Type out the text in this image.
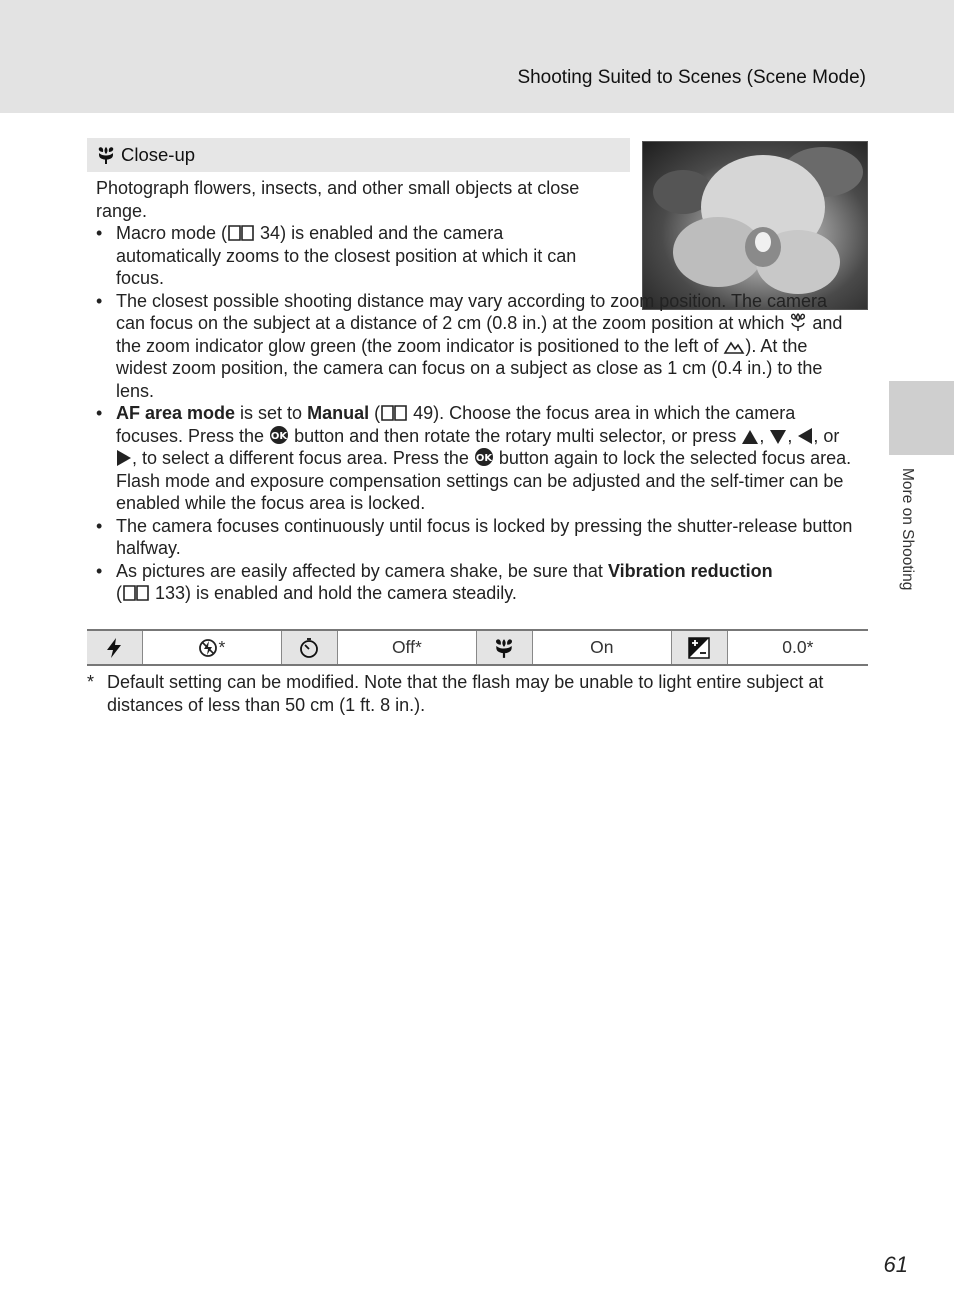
Shooting Suited to Scenes (Scene Mode)
Close-up

Photograph flowers, insects, and other small objects at close range.

• Macro mode ( 34) is enabled and the camera automatically zooms to the closest position at which it can focus.
• The closest possible shooting distance may vary according to zoom position. The camera can focus on the subject at a distance of 2 cm (0.8 in.) at the zoom position at which  and the zoom indicator glow green (the zoom indicator is positioned to the left of ). At the widest zoom position, the camera can focus on a subject as close as 1 cm (0.4 in.) to the lens.
• AF area mode is set to Manual ( 49). Choose the focus area in which the camera focuses. Press the OK button and then rotate the rotary multi selector, or press , , , or , to select a different focus area. Press the OK button again to lock the selected focus area. Flash mode and exposure compensation settings can be adjusted and the self-timer can be enabled while the focus area is locked.
• The camera focuses continuously until focus is locked by pressing the shutter-release button halfway.
• As pictures are easily affected by camera shake, be sure that Vibration reduction
( 133) is enabled and hold the camera steadily.
*	Off*	On	0.0*
* Default setting can be modified. Note that the flash may be unable to light entire subject at distances of less than 50 cm (1 ft. 8 in.).
More on Shooting
61
